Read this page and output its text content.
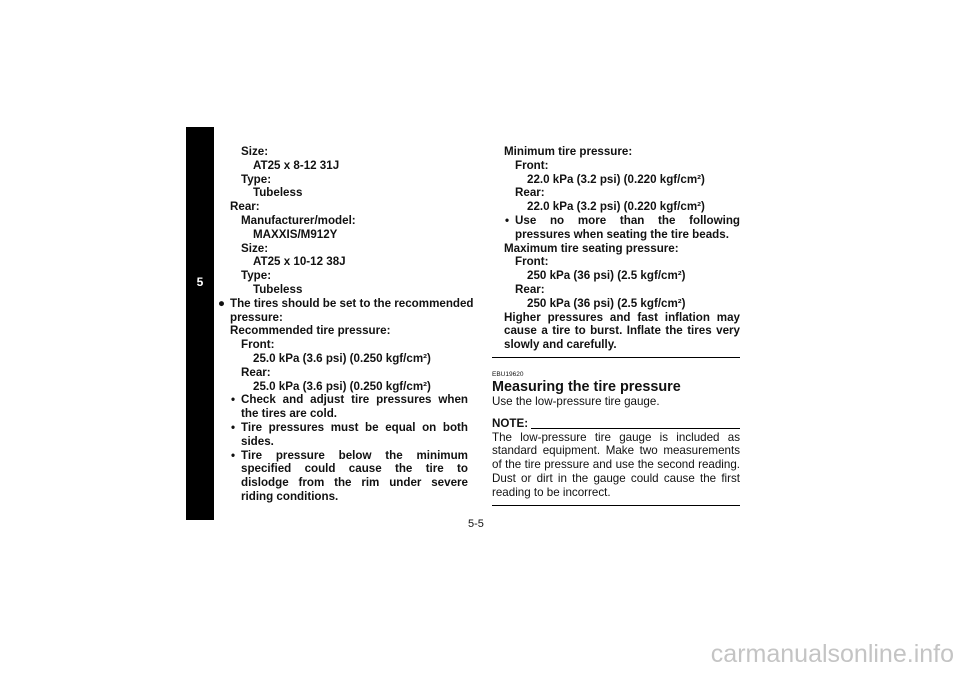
5
Size:
AT25 x 8-12 31J
Type:
Tubeless
Rear:
Manufacturer/model:
MAXXIS/M912Y
Size:
AT25 x 10-12 38J
Type:
Tubeless
● The tires should be set to the recommended
pressure:
Recommended tire pressure:
Front:
25.0 kPa (3.6 psi) (0.250 kgf/cm²)
Rear:
25.0 kPa (3.6 psi) (0.250 kgf/cm²)
• Check and adjust tire pressures when the tires are cold.
• Tire pressures must be equal on both sides.
• Tire pressure below the minimum specified could cause the tire to dislodge from the rim under severe riding conditions.
Minimum tire pressure:
Front:
22.0 kPa (3.2 psi) (0.220 kgf/cm²)
Rear:
22.0 kPa (3.2 psi) (0.220 kgf/cm²)
• Use no more than the following pressures when seating the tire beads.
Maximum tire seating pressure:
Front:
250 kPa (36 psi) (2.5 kgf/cm²)
Rear:
250 kPa (36 psi) (2.5 kgf/cm²)
Higher pressures and fast inflation may cause a tire to burst. Inflate the tires very slowly and carefully.
EBU19620
Measuring the tire pressure
Use the low-pressure tire gauge.
NOTE:
The low-pressure tire gauge is included as standard equipment. Make two measurements of the tire pressure and use the second reading. Dust or dirt in the gauge could cause the first reading to be incorrect.
5-5
carmanualsonline.info
